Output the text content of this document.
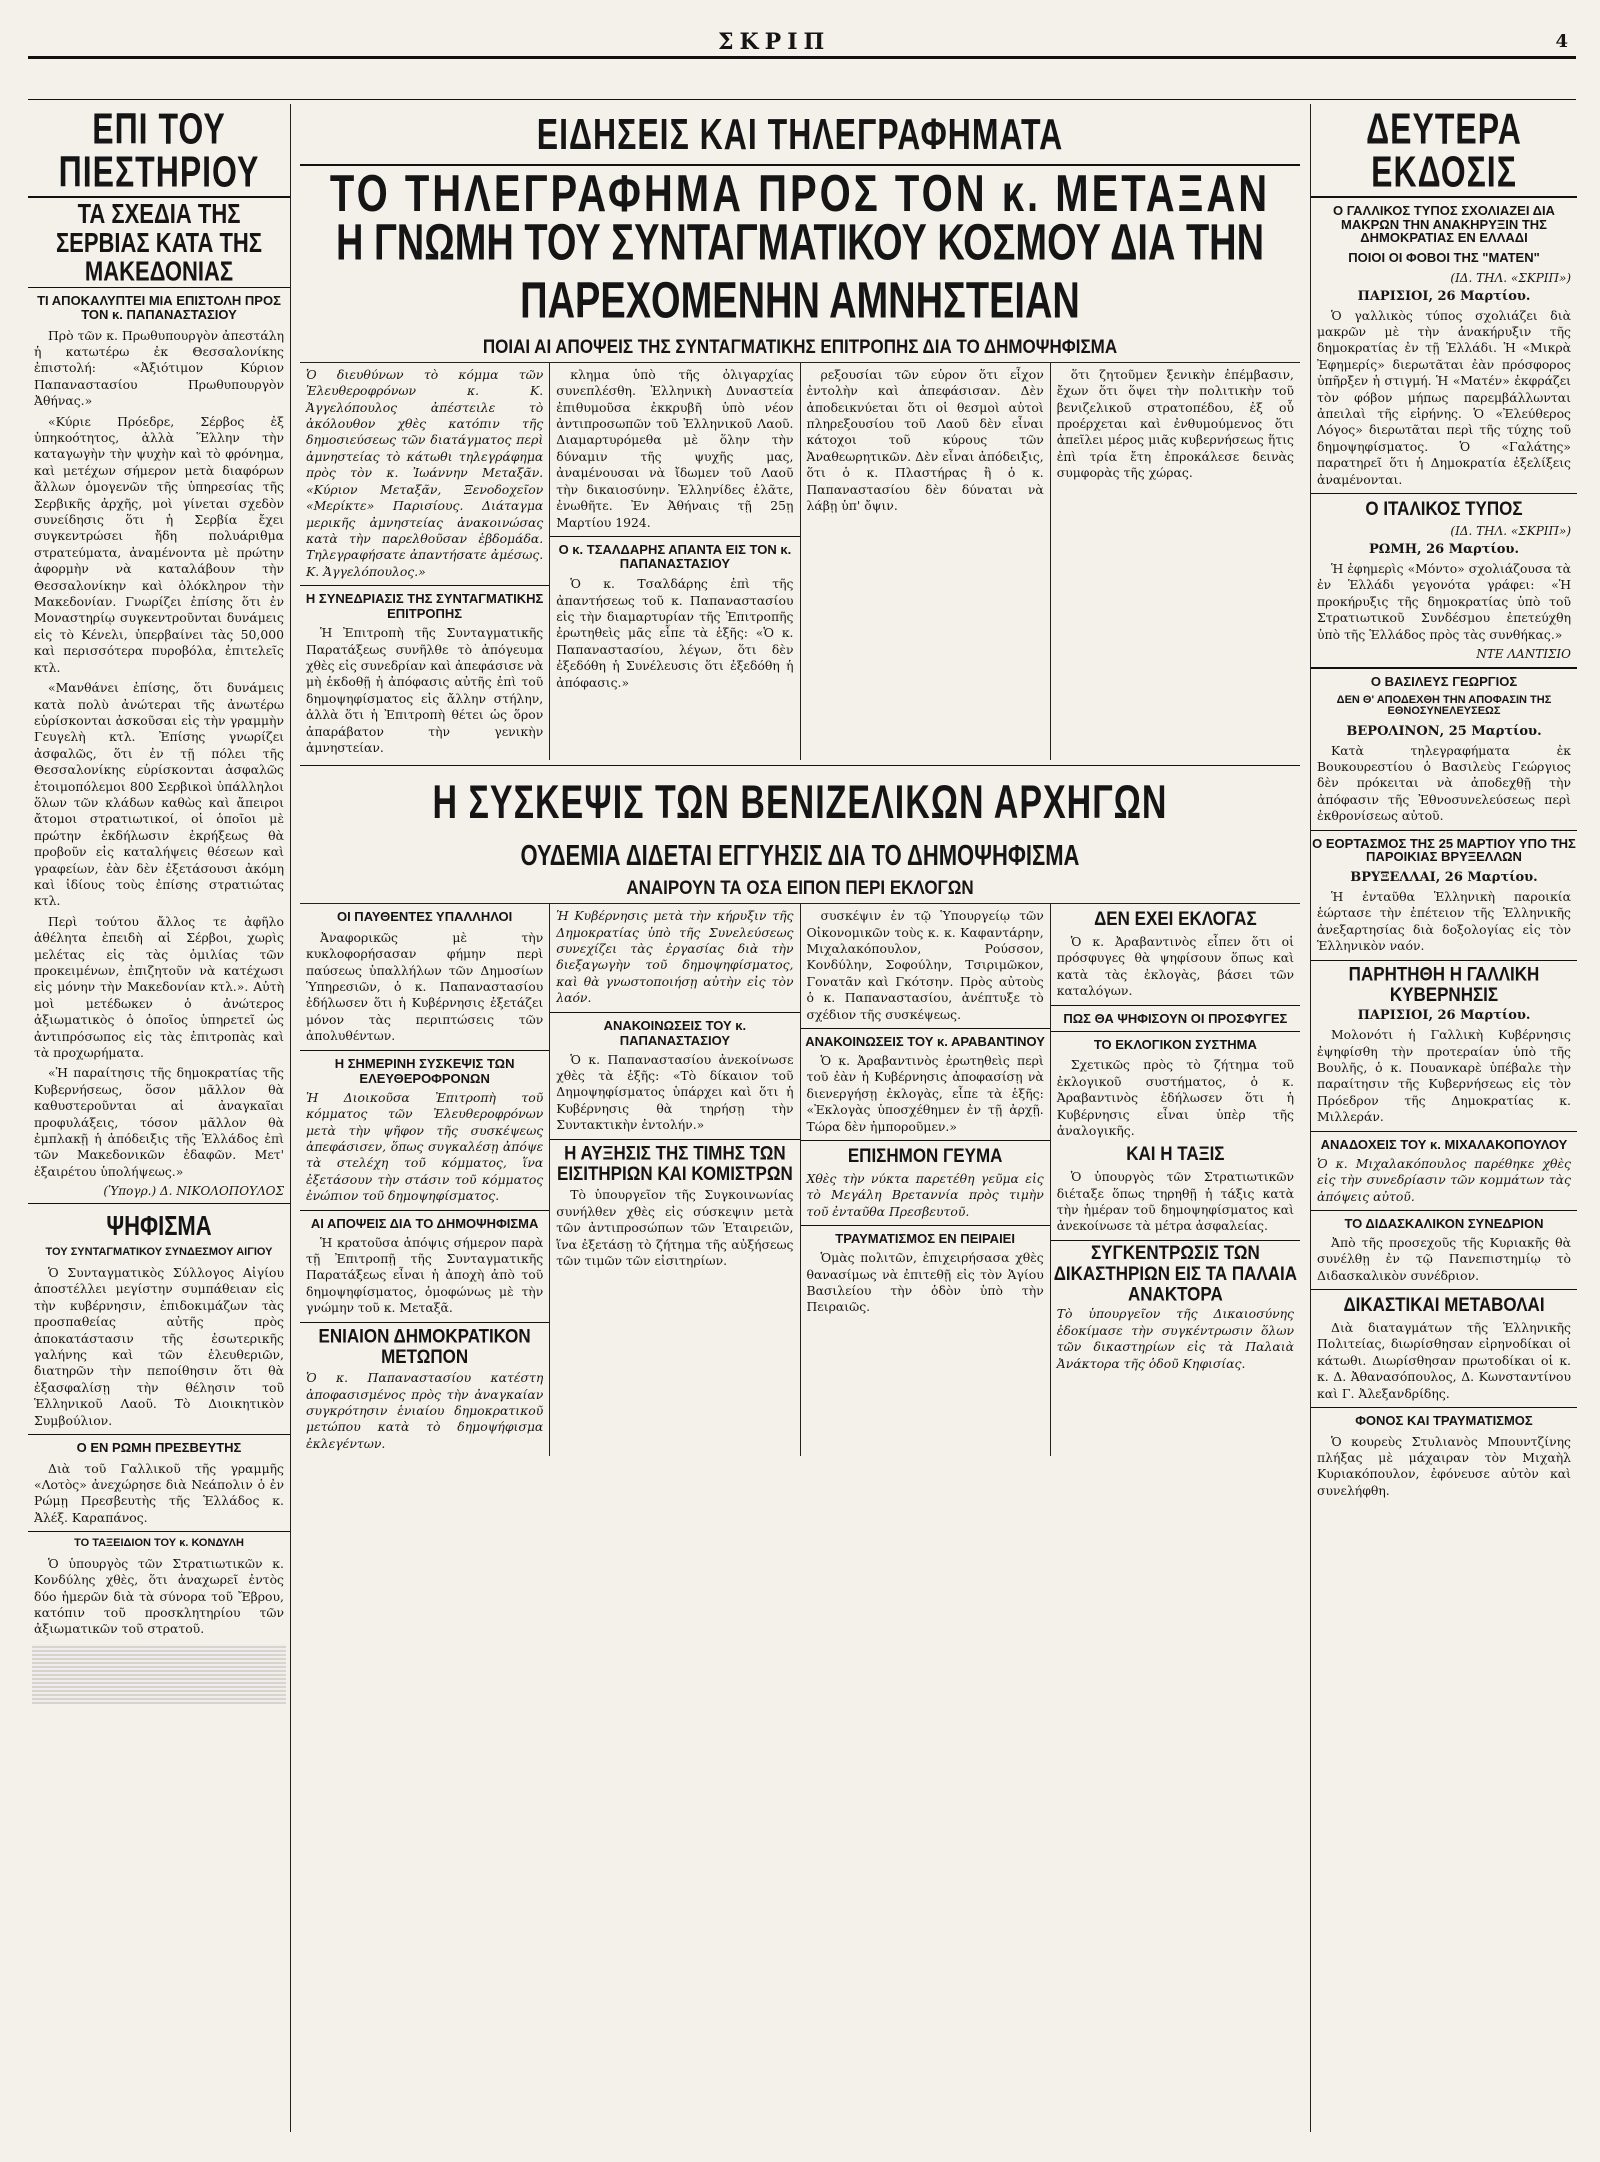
ΣΚΡΙΠ	4
ΕΠΙ ΤΟΥ ΠΙΕΣΤΗΡΙΟΥ
ΤΑ ΣΧΕΔΙΑ ΤΗΣ ΣΕΡΒΙΑΣ ΚΑΤΑ ΤΗΣ ΜΑΚΕΔΟΝΙΑΣ
ΤΙ ΑΠΟΚΑΛΥΠΤΕΙ ΜΙΑ ΕΠΙΣΤΟΛΗ ΠΡΟΣ ΤΟΝ κ. ΠΑΠΑΝΑΣΤΑΣΙΟΥ
Πρὸ τῶν κ. Πρωθυπουργὸν ἀπεστάλη ἡ κατωτέρω ἐκ Θεσσαλονίκης ἐπιστολή: «Ἀξιότιμον Κύριον Παπαναστασίου Πρωθυπουργὸν Ἀθήνας.»
«Κύριε Πρόεδρε, Σέρβος ἐξ ὑπηκοότητος, ἀλλὰ Ἕλλην τὴν καταγωγὴν τὴν ψυχὴν καὶ τὸ φρόνημα, καὶ μετέχων σήμερον μετὰ διαφόρων ἄλλων ὁμογενῶν τῆς ὑπηρεσίας τῆς Σερβικῆς ἀρχῆς, μοὶ γίνεται σχεδὸν συνείδησις ὅτι ἡ Σερβία ἔχει συγκεντρώσει ἤδη πολυάριθμα στρατεύματα, ἀναμένοντα μὲ πρώτην ἀφορμὴν νὰ καταλάβουν τὴν Θεσσαλονίκην καὶ ὁλόκληρον τὴν Μακεδονίαν. Γνωρίζει ἐπίσης ὅτι ἐν Μοναστηρίῳ συγκεντροῦνται δυνάμεις εἰς τὸ Κένελι, ὑπερβαίνει τὰς 50,000 καὶ περισσότερα πυροβόλα, ἐπιτελεῖς κτλ.
«Μανθάνει ἐπίσης, ὅτι δυνάμεις κατὰ πολὺ ἀνώτεραι τῆς ἀνωτέρω εὑρίσκονται ἀσκοῦσαι εἰς τὴν γραμμὴν Γευγελὴ κτλ. Ἐπίσης γνωρίζει ἀσφαλῶς, ὅτι ἐν τῇ πόλει τῆς Θεσσαλονίκης εὑρίσκονται ἀσφαλῶς ἑτοιμοπόλεμοι 800 Σερβικοὶ ὑπάλληλοι ὅλων τῶν κλάδων καθὼς καὶ ἄπειροι ἄτομοι στρατιωτικοί, οἱ ὁποῖοι μὲ πρώτην ἐκδήλωσιν ἐκρήξεως θὰ προβοῦν εἰς καταλήψεις θέσεων καὶ γραφείων, ἐὰν δὲν ἐξετάσουσι ἀκόμη καὶ ἰδίους τοὺς ἐπίσης στρατιώτας κτλ.
Περὶ τούτου ἄλλος τε ἀφῆλο ἀθέλητα ἐπειδὴ αἱ Σέρβοι, χωρὶς μελέτας εἰς τὰς ὁμιλίας τῶν προκειμένων, ἐπιζητοῦν νὰ κατέχωσι εἰς μόνην τὴν Μακεδονίαν κτλ.». Αὐτὴ μοὶ μετέδωκεν ὁ ἀνώτερος ἀξιωματικὸς ὁ ὁποῖος ὑπηρετεῖ ὡς ἀντιπρόσωπος εἰς τὰς ἐπιτροπὰς καὶ τὰ προχωρήματα.
«Ἡ παραίτησις τῆς δημοκρατίας τῆς Κυβερνήσεως, ὅσον μᾶλλον θὰ καθυστεροῦνται αἱ ἀναγκαῖαι προφυλάξεις, τόσον μᾶλλον θὰ ἐμπλακῇ ἡ ἀπόδειξις τῆς Ἑλλάδος ἐπὶ τῶν Μακεδονικῶν ἐδαφῶν. Μετ' ἐξαιρέτου ὑπολήψεως.»
(Ὑπογρ.) Δ. ΝΙΚΟΛΟΠΟΥΛΟΣ
ΨΗΦΙΣΜΑ
ΤΟΥ ΣΥΝΤΑΓΜΑΤΙΚΟΥ ΣΥΝΔΕΣΜΟΥ ΑΙΓΙΟΥ
Ὁ Συνταγματικὸς Σύλλογος Αἰγίου ἀποστέλλει μεγίστην συμπάθειαν εἰς τὴν κυβέρνησιν, ἐπιδοκιμάζων τὰς προσπαθείας αὐτῆς πρὸς ἀποκατάστασιν τῆς ἐσωτερικῆς γαλήνης καὶ τῶν ἐλευθεριῶν, διατηρῶν τὴν πεποίθησιν ὅτι θὰ ἐξασφαλίσῃ τὴν θέλησιν τοῦ Ἑλληνικοῦ Λαοῦ. Τὸ Διοικητικὸν Συμβούλιον.
Ο ΕΝ ΡΩΜΗ ΠΡΕΣΒΕΥΤΗΣ
Διὰ τοῦ Γαλλικοῦ τῆς γραμμῆς «Λοτὸς» ἀνεχώρησε διὰ Νεάπολιν ὁ ἐν Ρώμῃ Πρεσβευτὴς τῆς Ἑλλάδος κ. Ἀλέξ. Καραπάνος.
ΤΟ ΤΑΞΕΙΔΙΟΝ ΤΟΥ κ. ΚΟΝΔΥΛΗ
Ὁ ὑπουργὸς τῶν Στρατιωτικῶν κ. Κονδύλης χθὲς, ὅτι ἀναχωρεῖ ἐντὸς δύο ἡμερῶν διὰ τὰ σύνορα τοῦ Ἔβρου, κατόπιν τοῦ προσκλητηρίου τῶν ἀξιωματικῶν τοῦ στρατοῦ.
ΕΙΔΗΣΕΙΣ ΚΑΙ ΤΗΛΕΓΡΑΦΗΜΑΤΑ
ΤΟ ΤΗΛΕΓΡΑΦΗΜΑ ΠΡΟΣ ΤΟΝ κ. ΜΕΤΑΞΑΝ
Η ΓΝΩΜΗ ΤΟΥ ΣΥΝΤΑΓΜΑΤΙΚΟΥ ΚΟΣΜΟΥ ΔΙΑ ΤΗΝ ΠΑΡΕΧΟΜΕΝΗΝ ΑΜΝΗΣΤΕΙΑΝ
ΠΟΙΑΙ ΑΙ ΑΠΟΨΕΙΣ ΤΗΣ ΣΥΝΤΑΓΜΑΤΙΚΗΣ ΕΠΙΤΡΟΠΗΣ ΔΙΑ ΤΟ ΔΗΜΟΨΗΦΙΣΜΑ
Ὁ διευθύνων τὸ κόμμα τῶν Ἐλευθεροφρόνων κ. Κ. Ἀγγελόπουλος ἀπέστειλε τὸ ἀκόλουθον χθὲς κατόπιν τῆς δημοσιεύσεως τῶν διατάγματος περὶ ἀμνηστείας τὸ κάτωθι τηλεγράφημα πρὸς τὸν κ. Ἰωάννην Μεταξᾶν. «Κύριον Μεταξᾶν, Ξενοδοχεῖον «Μερίκτε» Παρισίους. Διάταγμα μερικῆς ἀμνηστείας ἀνακοινώσας κατὰ τὴν παρελθοῦσαν ἑβδομάδα. Τηλεγραφήσατε ἀπαντήσατε ἀμέσως. Κ. Ἀγγελόπουλος.»
Η ΣΥΝΕΔΡΙΑΣΙΣ ΤΗΣ ΣΥΝΤΑΓΜΑΤΙΚΗΣ ΕΠΙΤΡΟΠΗΣ
Ἡ Ἐπιτροπὴ τῆς Συνταγματικῆς Παρατάξεως συνῆλθε τὸ ἀπόγευμα χθὲς εἰς συνεδρίαν καὶ ἀπεφάσισε νὰ μὴ ἐκδοθῇ ἡ ἀπόφασις αὐτῆς ἐπὶ τοῦ δημοψηφίσματος εἰς ἄλλην στήλην, ἀλλὰ ὅτι ἡ Ἐπιτροπὴ θέτει ὡς ὅρον ἀπαράβατον τὴν γενικὴν ἀμνηστείαν.
κλημα ὑπὸ τῆς ὀλιγαρχίας συνεπλέσθη. Ἑλληνικὴ Δυναστεία ἐπιθυμοῦσα ἐκκρυβῆ ὑπὸ νέον ἀντιπροσωπῶν τοῦ Ἑλληνικοῦ Λαοῦ. Διαμαρτυρόμεθα μὲ ὅλην τὴν δύναμιν τῆς ψυχῆς μας, ἀναμένουσαι νὰ ἴδωμεν τοῦ Λαοῦ τὴν δικαιοσύνην. Ἑλληνίδες ἐλᾶτε, ἐνωθῆτε. Ἐν Ἀθήναις τῇ 25ῃ Μαρτίου 1924.
Ο κ. ΤΣΑΛΔΑΡΗΣ ΑΠΑΝΤΑ ΕΙΣ ΤΟΝ κ. ΠΑΠΑΝΑΣΤΑΣΙΟΥ
Ὁ κ. Τσαλδάρης ἐπὶ τῆς ἀπαντήσεως τοῦ κ. Παπαναστασίου εἰς τὴν διαμαρτυρίαν τῆς Ἐπιτροπῆς ἐρωτηθεὶς μᾶς εἶπε τὰ ἑξῆς: «Ὁ κ. Παπαναστασίου, λέγων, ὅτι δὲν ἐξεδόθη ἡ Συνέλευσις ὅτι ἐξεδόθη ἡ ἀπόφασις.»
ρεξουσίαι τῶν εὑρον ὅτι εἶχον ἐντολὴν καὶ ἀπεφάσισαν. Δὲν ἀποδεικνύεται ὅτι οἱ θεσμοὶ αὐτοὶ πληρεξουσίου τοῦ Λαοῦ δὲν εἶναι κάτοχοι τοῦ κύρους τῶν Ἀναθεωρητικῶν. Δὲν εἶναι ἀπόδειξις, ὅτι ὁ κ. Πλαστήρας ἢ ὁ κ. Παπαναστασίου δὲν δύναται νὰ λάβῃ ὑπ' ὄψιν.
ὅτι ζητοῦμεν ξενικὴν ἐπέμβασιν, ἔχων ὅτι ὅψει τὴν πολιτικὴν τοῦ βενιζελικοῦ στρατοπέδου, ἐξ οὗ προέρχεται καὶ ἐνθυμούμενος ὅτι ἀπεῖλει μέρος μιᾶς κυβερνήσεως ἥτις ἐπὶ τρία ἔτη ἐπροκάλεσε δεινὰς συμφορὰς τῆς χώρας.
Η ΣΥΣΚΕΨΙΣ ΤΩΝ ΒΕΝΙΖΕΛΙΚΩΝ ΑΡΧΗΓΩΝ
ΟΥΔΕΜΙΑ ΔΙΔΕΤΑΙ ΕΓΓΥΗΣΙΣ ΔΙΑ ΤΟ ΔΗΜΟΨΗΦΙΣΜΑ
ΑΝΑΙΡΟΥΝ ΤΑ ΟΣΑ ΕΙΠΟΝ ΠΕΡΙ ΕΚΛΟΓΩΝ
ΟΙ ΠΑΥΘΕΝΤΕΣ ΥΠΑΛΛΗΛΟΙ
Ἀναφορικῶς μὲ τὴν κυκλοφορήσασαν φήμην περὶ παύσεως ὑπαλλήλων τῶν Δημοσίων Ὑπηρεσιῶν, ὁ κ. Παπαναστασίου ἐδήλωσεν ὅτι ἡ Κυβέρνησις ἐξετάζει μόνον τὰς περιπτώσεις τῶν ἀπολυθέντων.
Η ΣΗΜΕΡΙΝΗ ΣΥΣΚΕΨΙΣ ΤΩΝ ΕΛΕΥΘΕΡΟΦΡΟΝΩΝ
Ἡ Διοικοῦσα Ἐπιτροπὴ τοῦ κόμματος τῶν Ἐλευθεροφρόνων μετὰ τὴν ψῆφον τῆς συσκέψεως ἀπεφάσισεν, ὅπως συγκαλέσῃ ἀπόψε τὰ στελέχη τοῦ κόμματος, ἵνα ἐξετάσουν τὴν στάσιν τοῦ κόμματος ἐνώπιον τοῦ δημοψηφίσματος.
ΑΙ ΑΠΟΨΕΙΣ ΔΙΑ ΤΟ ΔΗΜΟΨΗΦΙΣΜΑ
Ἡ κρατοῦσα ἀπόψις σήμερον παρὰ τῇ Ἐπιτροπῇ τῆς Συνταγματικῆς Παρατάξεως εἶναι ἡ ἀποχὴ ἀπὸ τοῦ δημοψηφίσματος, ὁμοφώνως μὲ τὴν γνώμην τοῦ κ. Μεταξᾶ.
ΕΝΙΑΙΟΝ ΔΗΜΟΚΡΑΤΙΚΟΝ ΜΕΤΩΠΟΝ
Ὁ κ. Παπαναστασίου κατέστη ἀποφασισμένος πρὸς τὴν ἀναγκαίαν συγκρότησιν ἑνιαίου δημοκρατικοῦ μετώπου κατὰ τὸ δημοψήφισμα ἐκλεγέντων.
Ἡ Κυβέρνησις μετὰ τὴν κήρυξιν τῆς Δημοκρατίας ὑπὸ τῆς Συνελεύσεως συνεχίζει τὰς ἐργασίας διὰ τὴν διεξαγωγὴν τοῦ δημοψηφίσματος, καὶ θὰ γνωστοποιήσῃ αὐτὴν εἰς τὸν λαόν.
ΑΝΑΚΟΙΝΩΣΕΙΣ ΤΟΥ κ. ΠΑΠΑΝΑΣΤΑΣΙΟΥ
Ὁ κ. Παπαναστασίου ἀνεκοίνωσε χθὲς τὰ ἑξῆς: «Τὸ δίκαιον τοῦ Δημοψηφίσματος ὑπάρχει καὶ ὅτι ἡ Κυβέρνησις θὰ τηρήσῃ τὴν Συντακτικὴν ἐντολήν.»
Η ΑΥΞΗΣΙΣ ΤΗΣ ΤΙΜΗΣ ΤΩΝ ΕΙΣΙΤΗΡΙΩΝ ΚΑΙ ΚΟΜΙΣΤΡΩΝ
Τὸ ὑπουργεῖον τῆς Συγκοινωνίας συνήλθεν χθὲς εἰς σύσκεψιν μετὰ τῶν ἀντιπροσώπων τῶν Ἑταιρειῶν, ἵνα ἐξετάσῃ τὸ ζήτημα τῆς αὐξήσεως τῶν τιμῶν τῶν εἰσιτηρίων.
συσκέψιν ἐν τῷ Ὑπουργείῳ τῶν Οἰκονομικῶν τοὺς κ. κ. Καφαντάρην, Μιχαλακόπουλον, Ρούσσον, Κονδύλην, Σοφούλην, Τσιριμῶκον, Γονατᾶν καὶ Γκότσην. Πρὸς αὐτοὺς ὁ κ. Παπαναστασίου, ἀνέπτυξε τὸ σχέδιον τῆς συσκέψεως.
ΑΝΑΚΟΙΝΩΣΕΙΣ ΤΟΥ κ. ΑΡΑΒΑΝΤΙΝΟΥ
Ὁ κ. Ἀραβαντινὸς ἐρωτηθεὶς περὶ τοῦ ἐὰν ἡ Κυβέρνησις ἀποφασίσῃ νὰ διενεργήσῃ ἐκλογὰς, εἶπε τὰ ἑξῆς: «Ἐκλογὰς ὑποσχέθημεν ἐν τῇ ἀρχῇ. Τώρα δὲν ἠμποροῦμεν.»
ΕΠΙΣΗΜΟΝ ΓΕΥΜΑ
Χθὲς τὴν νύκτα παρετέθη γεῦμα εἰς τὸ Μεγάλη Βρεταννία πρὸς τιμὴν τοῦ ἐνταῦθα Πρεσβευτοῦ.
ΤΡΑΥΜΑΤΙΣΜΟΣ ΕΝ ΠΕΙΡΑΙΕΙ
Ὁμὰς πολιτῶν, ἐπιχειρήσασα χθὲς θανασίμως νὰ ἐπιτεθῇ εἰς τὸν Ἁγίου Βασιλείου τὴν ὁδὸν ὑπὸ τὴν Πειραιῶς.
ΔΕΝ ΕΧΕΙ ΕΚΛΟΓΑΣ
Ὁ κ. Ἀραβαντινὸς εἶπεν ὅτι οἱ πρόσφυγες θὰ ψηφίσουν ὅπως καὶ κατὰ τὰς ἐκλογὰς, βάσει τῶν καταλόγων.
ΠΩΣ ΘΑ ΨΗΦΙΣΟΥΝ ΟΙ ΠΡΟΣΦΥΓΕΣ
ΤΟ ΕΚΛΟΓΙΚΟΝ ΣΥΣΤΗΜΑ
Σχετικῶς πρὸς τὸ ζήτημα τοῦ ἐκλογικοῦ συστήματος, ὁ κ. Ἀραβαντινὸς ἐδήλωσεν ὅτι ἡ Κυβέρνησις εἶναι ὑπὲρ τῆς ἀναλογικῆς.
ΚΑΙ Η ΤΑΞΙΣ
Ὁ ὑπουργὸς τῶν Στρατιωτικῶν διέταξε ὅπως τηρηθῇ ἡ τάξις κατὰ τὴν ἡμέραν τοῦ δημοψηφίσματος καὶ ἀνεκοίνωσε τὰ μέτρα ἀσφαλείας.
ΣΥΓΚΕΝΤΡΩΣΙΣ ΤΩΝ ΔΙΚΑΣΤΗΡΙΩΝ ΕΙΣ ΤΑ ΠΑΛΑΙΑ ΑΝΑΚΤΟΡΑ
Τὸ ὑπουργεῖον τῆς Δικαιοσύνης ἐδοκίμασε τὴν συγκέντρωσιν ὅλων τῶν δικαστηρίων εἰς τὰ Παλαιὰ Ἀνάκτορα τῆς ὁδοῦ Κηφισίας.
ΔΕΥΤΕΡΑ ΕΚΔΟΣΙΣ
Ο ΓΑΛΛΙΚΟΣ ΤΥΠΟΣ ΣΧΟΛΙΑΖΕΙ ΔΙΑ ΜΑΚΡΩΝ ΤΗΝ ΑΝΑΚΗΡΥΞΙΝ ΤΗΣ ΔΗΜΟΚΡΑΤΙΑΣ ΕΝ ΕΛΛΑΔΙ
ΠΟΙΟΙ ΟΙ ΦΟΒΟΙ ΤΗΣ "ΜΑΤΕΝ"
(ΙΔ. ΤΗΛ. «ΣΚΡΙΠ»)
ΠΑΡΙΣΙΟΙ, 26 Μαρτίου.
Ὁ γαλλικὸς τύπος σχολιάζει διὰ μακρῶν μὲ τὴν ἀνακήρυξιν τῆς δημοκρατίας ἐν τῇ Ἑλλάδι. Ἡ «Μικρὰ Ἐφημερίς» διερωτᾶται ἐὰν πρόσφορος ὑπῆρξεν ἡ στιγμή. Ἡ «Ματέν» ἐκφράζει τὸν φόβον μήπως παρεμβάλλωνται ἀπειλαὶ τῆς εἰρήνης. Ὁ «Ἐλεύθερος Λόγος» διερωτᾶται περὶ τῆς τύχης τοῦ δημοψηφίσματος. Ὁ «Γαλάτης» παρατηρεῖ ὅτι ἡ Δημοκρατία ἐξελίξεις ἀναμένονται.
Ο ΙΤΑΛΙΚΟΣ ΤΥΠΟΣ
(ΙΔ. ΤΗΛ. «ΣΚΡΙΠ»)
ΡΩΜΗ, 26 Μαρτίου.
Ἡ ἐφημερὶς «Μόντο» σχολιάζουσα τὰ ἐν Ἑλλάδι γεγονότα γράφει: «Ἡ προκήρυξις τῆς δημοκρατίας ὑπὸ τοῦ Στρατιωτικοῦ Συνδέσμου ἐπετεύχθη ὑπὸ τῆς Ἑλλάδος πρὸς τὰς συνθήκας.»
ΝΤΕ ΛΑΝΤΙΣΙΟ
Ο ΒΑΣΙΛΕΥΣ ΓΕΩΡΓΙΟΣ
ΔΕΝ Θ' ΑΠΟΔΕΧΘΗ ΤΗΝ ΑΠΟΦΑΣΙΝ ΤΗΣ ΕΘΝΟΣΥΝΕΛΕΥΣΕΩΣ
ΒΕΡΟΛΙΝΟΝ, 25 Μαρτίου.
Κατὰ τηλεγραφήματα ἐκ Βουκουρεστίου ὁ Βασιλεὺς Γεώργιος δὲν πρόκειται νὰ ἀποδεχθῇ τὴν ἀπόφασιν τῆς Ἐθνοσυνελεύσεως περὶ ἐκθρονίσεως αὐτοῦ.
Ο ΕΟΡΤΑΣΜΟΣ ΤΗΣ 25 ΜΑΡΤΙΟΥ ΥΠΟ ΤΗΣ ΠΑΡΟΙΚΙΑΣ ΒΡΥΞΕΛΛΩΝ
ΒΡΥΞΕΛΛΑΙ, 26 Μαρτίου.
Ἡ ἐνταῦθα Ἑλληνικὴ παροικία ἑώρτασε τὴν ἐπέτειον τῆς Ἑλληνικῆς ἀνεξαρτησίας διὰ δοξολογίας εἰς τὸν Ἑλληνικὸν ναόν.
ΠΑΡΗΤΗΘΗ Η ΓΑΛΛΙΚΗ ΚΥΒΕΡΝΗΣΙΣ
ΠΑΡΙΣΙΟΙ, 26 Μαρτίου.
Μολονότι ἡ Γαλλικὴ Κυβέρνησις ἐψηφίσθη τὴν προτεραίαν ὑπὸ τῆς Βουλῆς, ὁ κ. Πουανκαρὲ ὑπέβαλε τὴν παραίτησιν τῆς Κυβερνήσεως εἰς τὸν Πρόεδρον τῆς Δημοκρατίας κ. Μιλλεράν.
ΑΝΑΔΟΧΕΙΣ ΤΟΥ κ. ΜΙΧΑΛΑΚΟΠΟΥΛΟΥ
Ὁ κ. Μιχαλακόπουλος παρέθηκε χθὲς εἰς τὴν συνεδρίασιν τῶν κομμάτων τὰς ἀπόψεις αὐτοῦ.
ΤΟ ΔΙΔΑΣΚΑΛΙΚΟΝ ΣΥΝΕΔΡΙΟΝ
Ἀπὸ τῆς προσεχοῦς τῆς Κυριακῆς θὰ συνέλθῃ ἐν τῷ Πανεπιστημίῳ τὸ Διδασκαλικὸν συνέδριον.
ΔΙΚΑΣΤΙΚΑΙ ΜΕΤΑΒΟΛΑΙ
Διὰ διαταγμάτων τῆς Ἑλληνικῆς Πολιτείας, διωρίσθησαν εἰρηνοδίκαι οἱ κάτωθι. Διωρίσθησαν πρωτοδίκαι οἱ κ. κ. Δ. Ἀθανασόπουλος, Δ. Κωνσταντίνου καὶ Γ. Ἀλεξανδρίδης.
ΦΟΝΟΣ ΚΑΙ ΤΡΑΥΜΑΤΙΣΜΟΣ
Ὁ κουρεὺς Στυλιανὸς Μπουντζίνης πλήξας μὲ μάχαιραν τὸν Μιχαὴλ Κυριακόπουλον, ἐφόνευσε αὐτὸν καὶ συνελήφθη.
